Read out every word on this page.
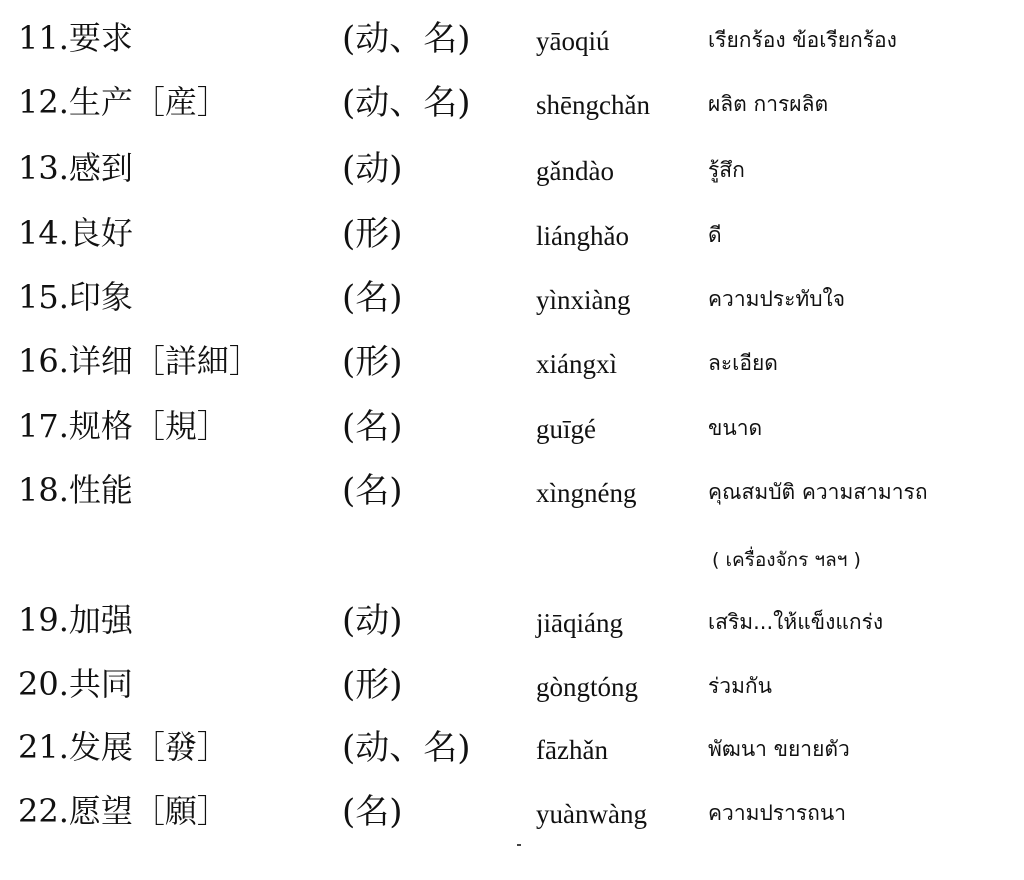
11.要求	(动、名) yāoqiú	เรียกร้อง ข้อเรียกร้อง
12.生产［産］	(动、名) shēngchǎn	ผลิต การผลิต
13.感到	(动)	gǎndào	รู้สึก
14.良好	(形)	liánghǎo	ดี
15.印象	(名)	yìnxiàng	ความประทับใจ
16.详细［詳細］ (形)	xiángxì	ละเอียด
17.规格［規］	(名)	guīgé	ขนาด
18.性能	(名)	xìngnéng	คุณสมบัติ ความสามารถ
( เครื่องจักร ฯลฯ )
19.加强	(动)	jiāqiáng	เสริม...ให้แข็งแกร่ง
20.共同	(形)	gòngtóng	ร่วมกัน
21.发展［發］	(动、名) fāzhǎn	พัฒนา ขยายตัว
22.愿望［願］	(名)	yuànwàng	ความปรารถนา
